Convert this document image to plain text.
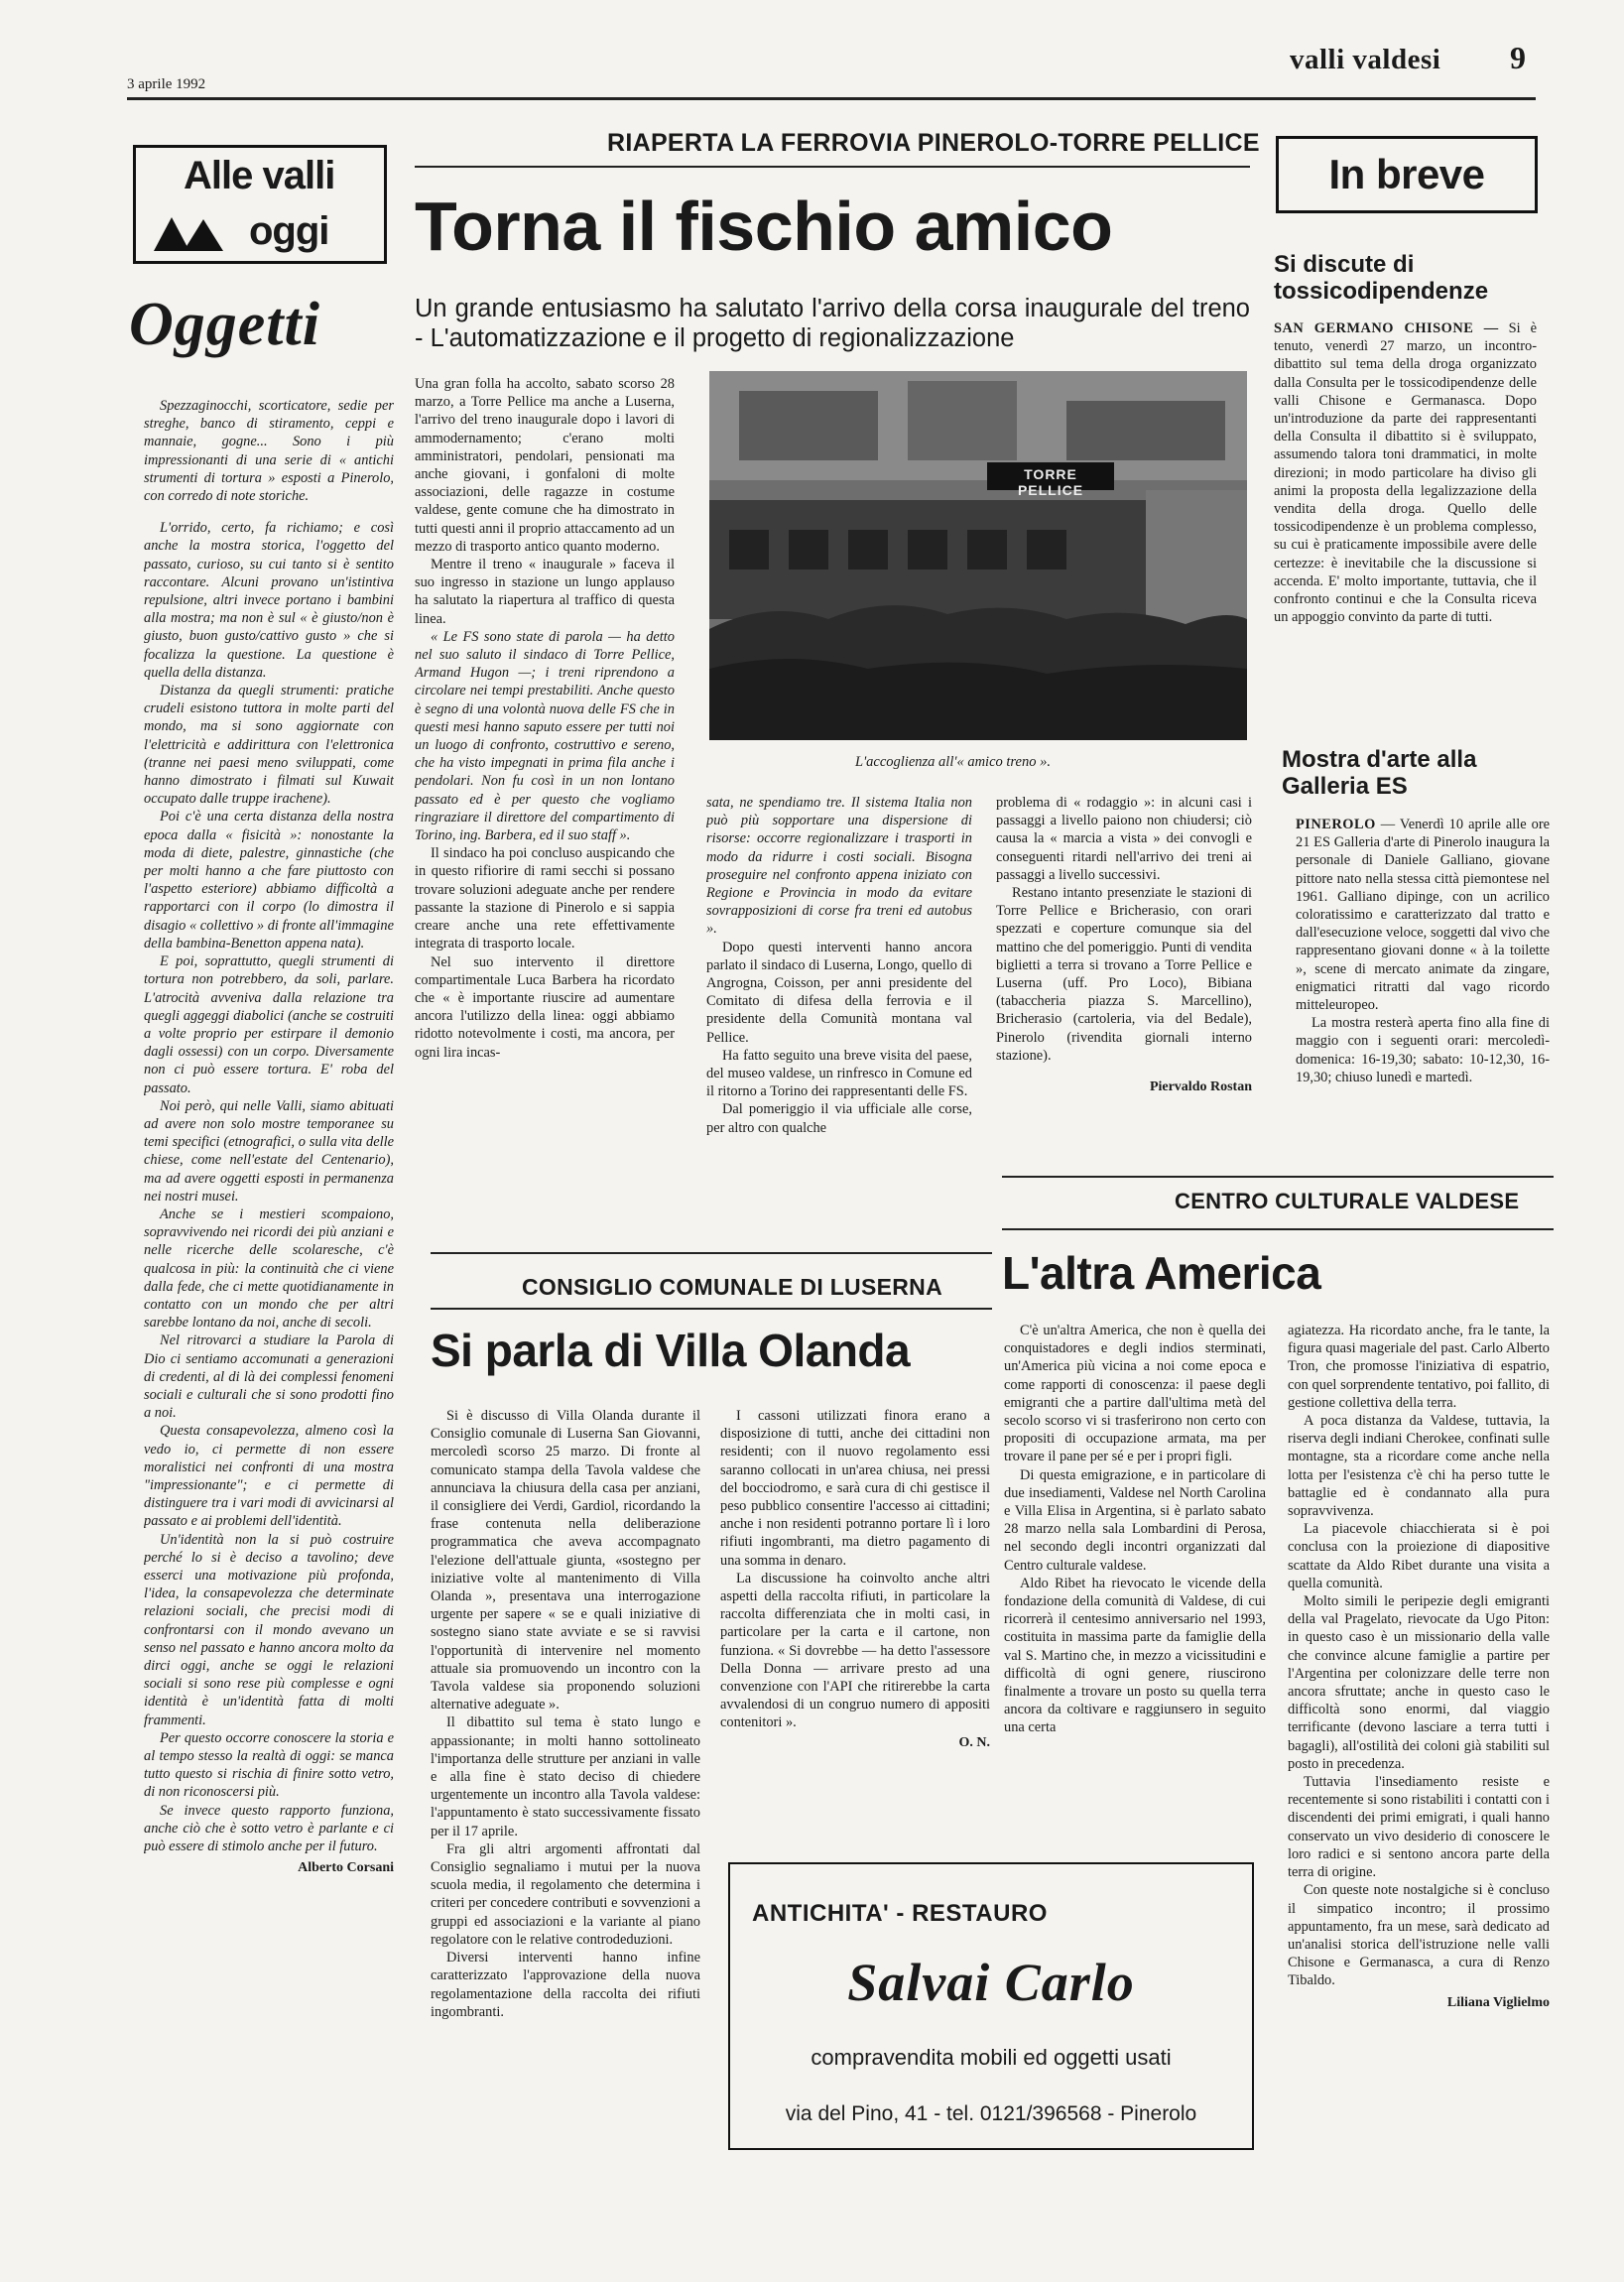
3 aprile 1992
valli valdesi 9
Alle valli
oggi
Oggetti

Spezzaginocchi, scorticatore, sedie per streghe, banco di stiramento, ceppi e mannaie, gogne... Sono i più impressionanti di una serie di « antichi strumenti di tortura » esposti a Pinerolo, con corredo di note storiche.

L'orrido, certo, fa richiamo; e così anche la mostra storica, l'oggetto del passato, curioso, su cui tanto si è sentito raccontare. Alcuni provano un'istintiva repulsione, altri invece portano i bambini alla mostra; ma non è sul « è giusto/non è giusto, buon gusto/cattivo gusto » che si focalizza la questione. La questione è quella della distanza.

Distanza da quegli strumenti: pratiche crudeli esistono tuttora in molte parti del mondo, ma si sono aggiornate con l'elettricità e addirittura con l'elettronica (tranne nei paesi meno sviluppati, come hanno dimostrato i filmati sul Kuwait occupato dalle truppe irachene).

Poi c'è una certa distanza della nostra epoca dalla « fisicità »: nonostante la moda di diete, palestre, ginnastiche (che per molti hanno a che fare piuttosto con l'aspetto esteriore) abbiamo difficoltà a rapportarci con il corpo (lo dimostra il disagio « collettivo » di fronte all'immagine della bambina-Benetton appena nata).

E poi, soprattutto, quegli strumenti di tortura non potrebbero, da soli, parlare. L'atrocità avveniva dalla relazione tra quegli aggeggi diabolici (anche se costruiti a volte proprio per estirpare il demonio dagli ossessi) con un corpo. Diversamente non ci può essere tortura. E' roba del passato.

Noi però, qui nelle Valli, siamo abituati ad avere non solo mostre temporanee su temi specifici (etnografici, o sulla vita delle chiese, come nell'estate del Centenario), ma ad avere oggetti esposti in permanenza nei nostri musei.

Anche se i mestieri scompaiono, sopravvivendo nei ricordi dei più anziani e nelle ricerche delle scolaresche, c'è qualcosa in più: la continuità che ci viene dalla fede, che ci mette quotidianamente in contatto con un mondo che per altri sarebbe lontano da noi, anche di secoli.

Nel ritrovarci a studiare la Parola di Dio ci sentiamo accomunati a generazioni di credenti, al di là dei complessi fenomeni sociali e culturali che si sono prodotti fino a noi.

Questa consapevolezza, almeno così la vedo io, ci permette di non essere moralistici nei confronti di una mostra "impressionante"; e ci permette di distinguere tra i vari modi di avvicinarsi al passato e ai problemi dell'identità.

Un'identità non la si può costruire perché lo si è deciso a tavolino; deve esserci una motivazione più profonda, l'idea, la consapevolezza che determinate relazioni sociali, che precisi modi di confrontarsi con il mondo avevano un senso nel passato e hanno ancora molto da dirci oggi, anche se oggi le relazioni sociali si sono rese più complesse e ogni identità è un'identità fatta di molti frammenti.

Per questo occorre conoscere la storia e al tempo stesso la realtà di oggi: se manca tutto questo si rischia di finire sotto vetro, di non riconoscersi più.

Se invece questo rapporto funziona, anche ciò che è sotto vetro è parlante e ci può essere di stimolo anche per il futuro.

Alberto Corsani

RIAPERTA LA FERROVIA PINEROLO-TORRE PELLICE
Torna il fischio amico
Un grande entusiasmo ha salutato l'arrivo della corsa inaugurale del treno - L'automatizzazione e il progetto di regionalizzazione

Una gran folla ha accolto, sabato scorso 28 marzo, a Torre Pellice ma anche a Luserna, l'arrivo del treno inaugurale dopo i lavori di ammodernamento; c'erano molti amministratori, pendolari, pensionati ma anche giovani, i gonfaloni di molte associazioni, delle ragazze in costume valdese, gente comune che ha dimostrato in tutti questi anni il proprio attaccamento ad un mezzo di trasporto antico quanto moderno.

Mentre il treno « inaugurale » faceva il suo ingresso in stazione un lungo applauso ha salutato la riapertura al traffico di questa linea.

« Le FS sono state di parola — ha detto nel suo saluto il sindaco di Torre Pellice, Armand Hugon —; i treni riprendono a circolare nei tempi prestabiliti. Anche questo è segno di una volontà nuova delle FS che in questi mesi hanno saputo essere per tutti noi un luogo di confronto, costruttivo e sereno, che ha visto impegnati in prima fila anche i pendolari. Non fu così in un non lontano passato ed è per questo che vogliamo ringraziare il direttore del compartimento di Torino, ing. Barbera, ed il suo staff ».

Il sindaco ha poi concluso auspicando che in questo rifiorire di rami secchi si possano trovare soluzioni adeguate anche per rendere passante la stazione di Pinerolo e si sappia creare anche una rete effettivamente integrata di trasporto locale.

Nel suo intervento il direttore compartimentale Luca Barbera ha ricordato che « è importante riuscire ad aumentare ancora l'utilizzo della linea: oggi abbiamo ridotto notevolmente i costi, ma ancora, per ogni lira incas-

TORRE PELLICE
L'accoglienza all'« amico treno ».

sata, ne spendiamo tre. Il sistema Italia non può più sopportare una dispersione di risorse: occorre regionalizzare i trasporti in modo da ridurre i costi sociali. Bisogna proseguire nel confronto appena iniziato con Regione e Provincia in modo da evitare sovrapposizioni di corse fra treni ed autobus ».

Dopo questi interventi hanno ancora parlato il sindaco di Luserna, Longo, quello di Angrogna, Coisson, per anni presidente del Comitato di difesa della ferrovia e il presidente della Comunità montana val Pellice.

Ha fatto seguito una breve visita del paese, del museo valdese, un rinfresco in Comune ed il ritorno a Torino dei rappresentanti delle FS.

Dal pomeriggio il via ufficiale alle corse, per altro con qualche

problema di « rodaggio »: in alcuni casi i passaggi a livello paiono non chiudersi; ciò causa la « marcia a vista » dei convogli e conseguenti ritardi nell'arrivo dei treni ai passaggi a livello successivi.

Restano intanto presenziate le stazioni di Torre Pellice e Bricherasio, con orari spezzati e coperture comunque sia del mattino che del pomeriggio. Punti di vendita biglietti a terra si trovano a Torre Pellice e Luserna (uff. Pro Loco), Bibiana (tabaccheria piazza S. Marcellino), Bricherasio (cartoleria, via del Bedale), Pinerolo (rivendita giornali interno stazione).

Piervaldo Rostan

In breve
Si discute di tossicodipendenze

SAN GERMANO CHISONE — Si è tenuto, venerdì 27 marzo, un incontro-dibattito sul tema della droga organizzato dalla Consulta per le tossicodipendenze delle valli Chisone e Germanasca. Dopo un'introduzione da parte dei rappresentanti della Consulta il dibattito si è sviluppato, assumendo talora toni drammatici, in molte direzioni; in modo particolare ha diviso gli animi la proposta della legalizzazione della vendita della droga. Quello delle tossicodipendenze è un problema complesso, su cui è praticamente impossibile avere delle certezze: è inevitabile che la discussione si accenda. E' molto importante, tuttavia, che il confronto continui e che la Consulta riceva un appoggio convinto da parte di tutti.

Mostra d'arte alla Galleria ES

PINEROLO — Venerdì 10 aprile alle ore 21 ES Galleria d'arte di Pinerolo inaugura la personale di Daniele Galliano, giovane pittore nato nella stessa città piemontese nel 1961. Galliano dipinge, con un acrilico coloratissimo e caratterizzato dal tratto e dall'esecuzione veloce, soggetti dal vivo che rappresentano giovani donne « à la toilette », scene di mercato animate da zingare, enigmatici ritratti dal vago ricordo mitteleuropeo.

La mostra resterà aperta fino alla fine di maggio con i seguenti orari: mercoledì-domenica: 16-19,30; sabato: 10-12,30, 16-19,30; chiuso lunedì e martedì.

CONSIGLIO COMUNALE DI LUSERNA
Si parla di Villa Olanda

Si è discusso di Villa Olanda durante il Consiglio comunale di Luserna San Giovanni, mercoledì scorso 25 marzo. Di fronte al comunicato stampa della Tavola valdese che annunciava la chiusura della casa per anziani, il consigliere dei Verdi, Gardiol, ricordando la frase contenuta nella deliberazione programmatica che aveva accompagnato l'elezione dell'attuale giunta, «sostegno per iniziative volte al mantenimento di Villa Olanda », presentava una interrogazione urgente per sapere « se e quali iniziative di sostegno siano state avviate e se si ravvisi l'opportunità di intervenire nel momento attuale sia promuovendo un incontro con la Tavola valdese sia proponendo soluzioni alternative adeguate ».

Il dibattito sul tema è stato lungo e appassionante; in molti hanno sottolineato l'importanza delle strutture per anziani in valle e alla fine è stato deciso di chiedere urgentemente un incontro alla Tavola valdese: l'appuntamento è stato successivamente fissato per il 17 aprile.

Fra gli altri argomenti affrontati dal Consiglio segnaliamo i mutui per la nuova scuola media, il regolamento che determina i criteri per concedere contributi e sovvenzioni a gruppi ed associazioni e la variante al piano regolatore con le relative controdeduzioni.

Diversi interventi hanno infine caratterizzato l'approvazione della nuova regolamentazione della raccolta dei rifiuti ingombranti.

I cassoni utilizzati finora erano a disposizione di tutti, anche dei cittadini non residenti; con il nuovo regolamento essi saranno collocati in un'area chiusa, nei pressi del bocciodromo, e sarà cura di chi gestisce il peso pubblico consentire l'accesso ai cittadini; anche i non residenti potranno portare lì i loro rifiuti ingombranti, ma dietro pagamento di una somma in denaro.

La discussione ha coinvolto anche altri aspetti della raccolta rifiuti, in particolare la raccolta differenziata che in molti casi, in particolare per la carta e il cartone, non funziona. « Si dovrebbe — ha detto l'assessore Della Donna — arrivare presto ad una convenzione con l'API che ritirerebbe la carta avvalendosi di un congruo numero di appositi contenitori ».

O. N.

ANTICHITA' - RESTAURO
Salvai Carlo
compravendita mobili ed oggetti usati
via del Pino, 41 - tel. 0121/396568 - Pinerolo
CENTRO CULTURALE VALDESE
L'altra America

C'è un'altra America, che non è quella dei conquistadores e degli indios sterminati, un'America più vicina a noi come epoca e come rapporti di conoscenza: il paese degli emigranti che a partire dall'ultima metà del secolo scorso vi si trasferirono non certo con propositi di occupazione armata, ma per trovare il pane per sé e per i propri figli.

Di questa emigrazione, e in particolare di due insediamenti, Valdese nel North Carolina e Villa Elisa in Argentina, si è parlato sabato 28 marzo nella sala Lombardini di Perosa, nel secondo degli incontri organizzati dal Centro culturale valdese.

Aldo Ribet ha rievocato le vicende della fondazione della comunità di Valdese, di cui ricorrerà il centesimo anniversario nel 1993, costituita in massima parte da famiglie della val S. Martino che, in mezzo a vicissitudini e difficoltà di ogni genere, riuscirono finalmente a trovare un posto su quella terra ancora da coltivare e raggiunsero in seguito una certa

agiatezza. Ha ricordato anche, fra le tante, la figura quasi mageriale del past. Carlo Alberto Tron, che promosse l'iniziativa di espatrio, con quel sorprendente tentativo, poi fallito, di gestione collettiva della terra.

A poca distanza da Valdese, tuttavia, la riserva degli indiani Cherokee, confinati sulle montagne, sta a ricordare come anche nella lotta per l'esistenza c'è chi ha perso tutte le battaglie ed è condannato alla pura sopravvivenza.

La piacevole chiacchierata si è poi conclusa con la proiezione di diapositive scattate da Aldo Ribet durante una visita a quella comunità.

Molto simili le peripezie degli emigranti della val Pragelato, rievocate da Ugo Piton: in questo caso è un missionario della valle che convince alcune famiglie a partire per l'Argentina per colonizzare delle terre non ancora sfruttate; anche in questo caso le difficoltà sono enormi, dal viaggio terrificante (devono lasciare a terra tutti i bagagli), all'ostilità dei coloni già stabiliti sul posto in precedenza.

Tuttavia l'insediamento resiste e recentemente si sono ristabiliti i contatti con i discendenti dei primi emigrati, i quali hanno conservato un vivo desiderio di conoscere le loro radici e si sentono ancora parte della terra di origine.

Con queste note nostalgiche si è concluso il simpatico incontro; il prossimo appuntamento, fra un mese, sarà dedicato ad un'analisi storica dell'istruzione nelle valli Chisone e Germanasca, a cura di Renzo Tibaldo.

Liliana Viglielmo
